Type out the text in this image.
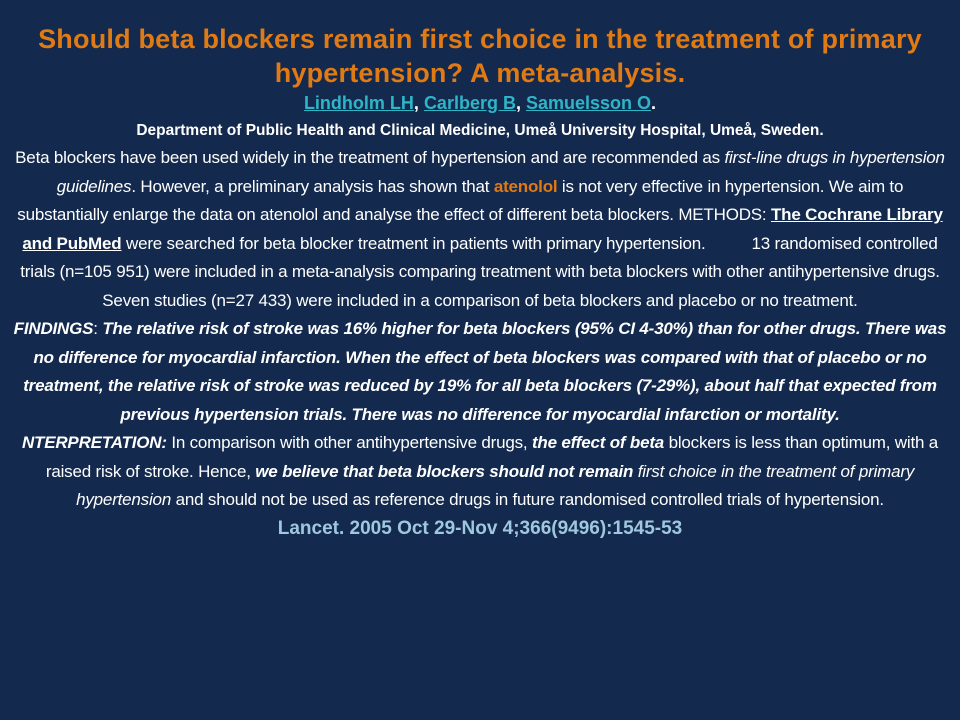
Should beta blockers remain first choice in the treatment of primary hypertension? A meta-analysis.
Lindholm LH, Carlberg B, Samuelsson O.
Department of Public Health and Clinical Medicine, Umeå University Hospital, Umeå, Sweden.
Beta blockers have been used widely in the treatment of hypertension and are recommended as first-line drugs in hypertension guidelines. However, a preliminary analysis has shown that atenolol is not very effective in hypertension. We aim to substantially enlarge the data on atenolol and analyse the effect of different beta blockers. METHODS: The Cochrane Library and PubMed were searched for beta blocker treatment in patients with primary hypertension.	13 randomised controlled trials (n=105 951) were included in a meta-analysis comparing treatment with beta blockers with other antihypertensive drugs. Seven studies (n=27 433) were included in a comparison of beta blockers and placebo or no treatment.
FINDINGS: The relative risk of stroke was 16% higher for beta blockers (95% CI 4-30%) than for other drugs. There was no difference for myocardial infarction. When the effect of beta blockers was compared with that of placebo or no treatment, the relative risk of stroke was reduced by 19% for all beta blockers (7-29%), about half that expected from previous hypertension trials. There was no difference for myocardial infarction or mortality.
NTERPRETATION: In comparison with other antihypertensive drugs, the effect of beta blockers is less than optimum, with a raised risk of stroke. Hence, we believe that beta blockers should not remain first choice in the treatment of primary hypertension and should not be used as reference drugs in future randomised controlled trials of hypertension.
Lancet. 2005 Oct 29-Nov 4;366(9496):1545-53
